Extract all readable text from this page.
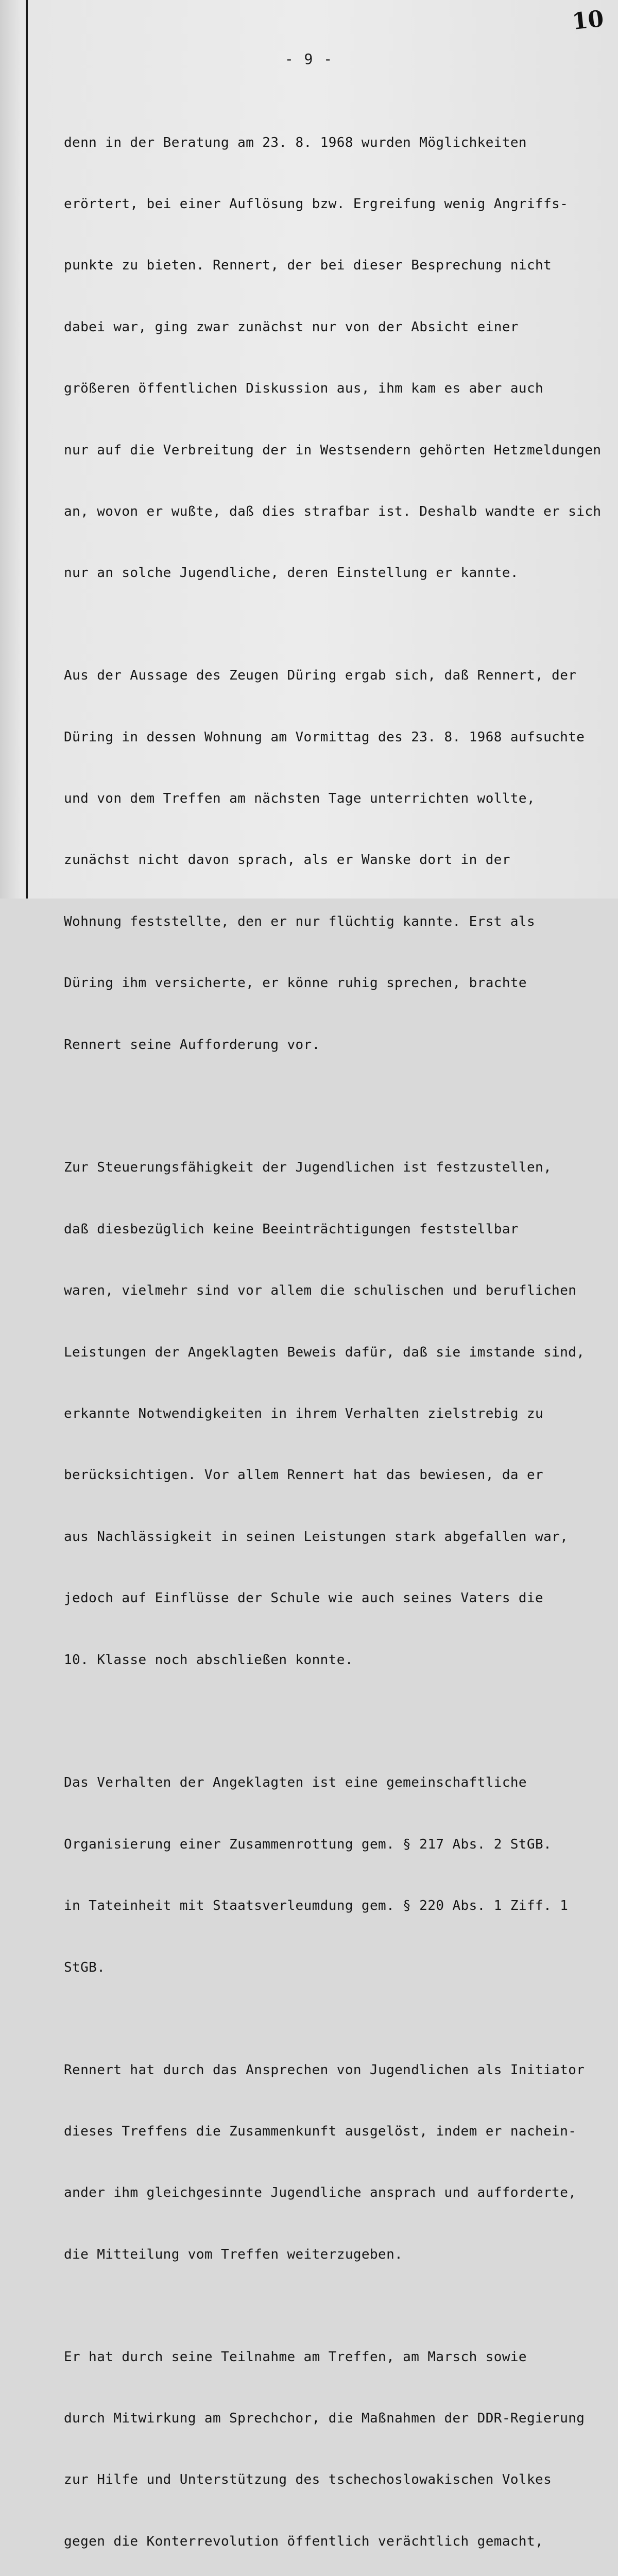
10
- 9 -

denn in der Beratung am 23. 8. 1968 wurden Möglichkeiten

erörtert, bei einer Auflösung bzw. Ergreifung wenig Angriffs-

punkte zu bieten. Rennert, der bei dieser Besprechung nicht

dabei war, ging zwar zunächst nur von der Absicht einer

größeren öffentlichen Diskussion aus, ihm kam es aber auch

nur auf die Verbreitung der in Westsendern gehörten Hetzmeldungen

an, wovon er wußte, daß dies strafbar ist. Deshalb wandte er sich

nur an solche Jugendliche, deren Einstellung er kannte.

Aus der Aussage des Zeugen Düring ergab sich, daß Rennert, der

Düring in dessen Wohnung am Vormittag des 23. 8. 1968 aufsuchte

und von dem Treffen am nächsten Tage unterrichten wollte,

zunächst nicht davon sprach, als er Wanske dort in der

Wohnung feststellte, den er nur flüchtig kannte. Erst als

Düring ihm versicherte, er könne ruhig sprechen, brachte

Rennert seine Aufforderung vor.

Zur Steuerungsfähigkeit der Jugendlichen ist festzustellen,

daß diesbezüglich keine Beeinträchtigungen feststellbar

waren, vielmehr sind vor allem die schulischen und beruflichen

Leistungen der Angeklagten Beweis dafür, daß sie imstande sind,

erkannte Notwendigkeiten in ihrem Verhalten zielstrebig zu

berücksichtigen. Vor allem Rennert hat das bewiesen, da er

aus Nachlässigkeit in seinen Leistungen stark abgefallen war,

jedoch auf Einflüsse der Schule wie auch seines Vaters die

10. Klasse noch abschließen konnte.

Das Verhalten der Angeklagten ist eine gemeinschaftliche

Organisierung einer Zusammenrottung gem. § 217 Abs. 2 StGB.

in Tateinheit mit Staatsverleumdung gem. § 220 Abs. 1 Ziff. 1

StGB.

Rennert hat durch das Ansprechen von Jugendlichen als Initiator

dieses Treffens die Zusammenkunft ausgelöst, indem er nachein-

ander ihm gleichgesinnte Jugendliche ansprach und aufforderte,

die Mitteilung vom Treffen weiterzugeben.

Er hat durch seine Teilnahme am Treffen, am Marsch sowie

durch Mitwirkung am Sprechchor, die Maßnahmen der DDR-Regierung

zur Hilfe und Unterstützung des tschechoslowakischen Volkes

gegen die Konterrevolution öffentlich verächtlich gemacht,
